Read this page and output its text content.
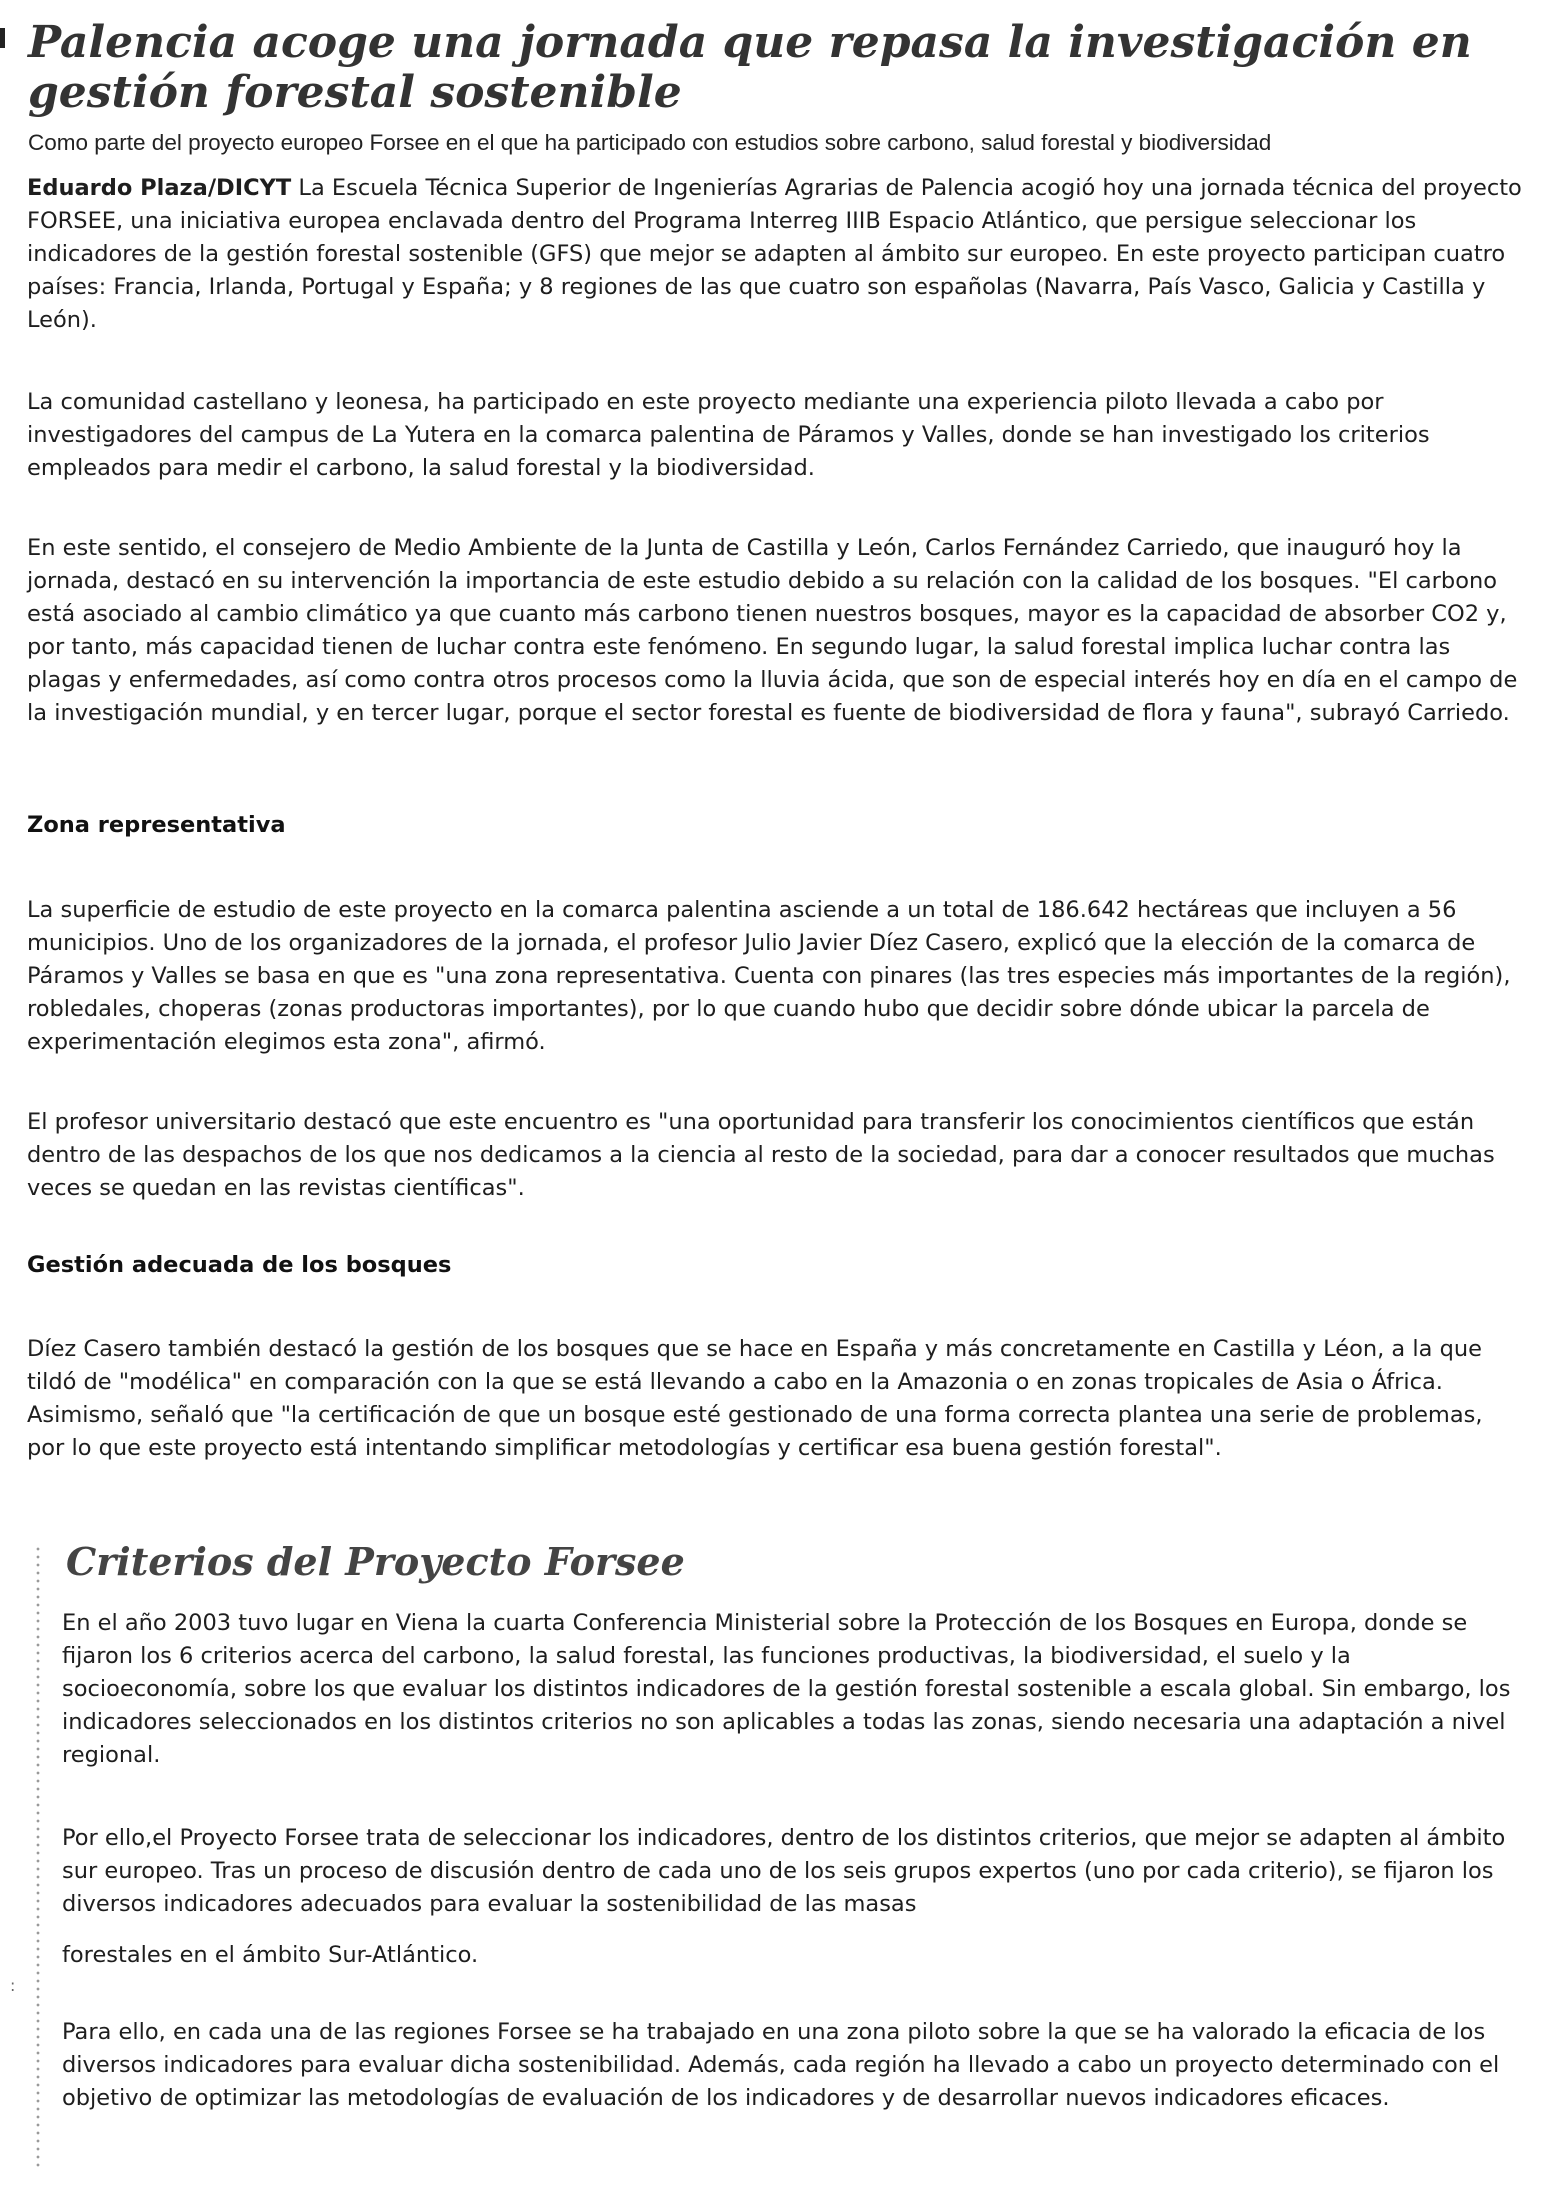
Palencia acoge una jornada que repasa la investigación en gestión forestal sostenible

Como parte del proyecto europeo Forsee en el que ha participado con estudios sobre carbono, salud forestal y biodiversidad

Eduardo Plaza/DICYT La Escuela Técnica Superior de Ingenierías Agrarias de Palencia acogió hoy una jornada técnica del proyecto FORSEE, una iniciativa europea enclavada dentro del Programa Interreg IIIB Espacio Atlántico, que persigue seleccionar los indicadores de la gestión forestal sostenible (GFS) que mejor se adapten al ámbito sur europeo. En este proyecto participan cuatro países: Francia, Irlanda, Portugal y España; y 8 regiones de las que cuatro son españolas (Navarra, País Vasco, Galicia y Castilla y León).

La comunidad castellano y leonesa, ha participado en este proyecto mediante una experiencia piloto llevada a cabo por investigadores del campus de La Yutera en la comarca palentina de Páramos y Valles, donde se han investigado los criterios empleados para medir el carbono, la salud forestal y la biodiversidad.

En este sentido, el consejero de Medio Ambiente de la Junta de Castilla y León, Carlos Fernández Carriedo, que inauguró hoy la jornada, destacó en su intervención la importancia de este estudio debido a su relación con la calidad de los bosques. "El carbono está asociado al cambio climático ya que cuanto más carbono tienen nuestros bosques, mayor es la capacidad de absorber CO2 y, por tanto, más capacidad tienen de luchar contra este fenómeno. En segundo lugar, la salud forestal implica luchar contra las plagas y enfermedades, así como contra otros procesos como la lluvia ácida, que son de especial interés hoy en día en el campo de la investigación mundial, y en tercer lugar, porque el sector forestal es fuente de biodiversidad de flora y fauna", subrayó Carriedo.

Zona representativa

La superficie de estudio de este proyecto en la comarca palentina asciende a un total de 186.642 hectáreas que incluyen a 56 municipios. Uno de los organizadores de la jornada, el profesor Julio Javier Díez Casero, explicó que la elección de la comarca de Páramos y Valles se basa en que es "una zona representativa. Cuenta con pinares (las tres especies más importantes de la región), robledales, choperas (zonas productoras importantes), por lo que cuando hubo que decidir sobre dónde ubicar la parcela de experimentación elegimos esta zona", afirmó.

El profesor universitario destacó que este encuentro es "una oportunidad para transferir los conocimientos científicos que están dentro de las despachos de los que nos dedicamos a la ciencia al resto de la sociedad, para dar a conocer resultados que muchas veces se quedan en las revistas científicas".

Gestión adecuada de los bosques

Díez Casero también destacó la gestión de los bosques que se hace en España y más concretamente en Castilla y Léon, a la que tildó de "modélica" en comparación con la que se está llevando a cabo en la Amazonia o en zonas tropicales de Asia o África. Asimismo, señaló que "la certificación de que un bosque esté gestionado de una forma correcta plantea una serie de problemas, por lo que este proyecto está intentando simplificar metodologías y certificar esa buena gestión forestal".

Criterios del Proyecto Forsee

En el año 2003 tuvo lugar en Viena la cuarta Conferencia Ministerial sobre la Protección de los Bosques en Europa, donde se fijaron los 6 criterios acerca del carbono, la salud forestal, las funciones productivas, la biodiversidad, el suelo y la socioeconomía, sobre los que evaluar los distintos indicadores de la gestión forestal sostenible a escala global. Sin embargo, los indicadores seleccionados en los distintos criterios no son aplicables a todas las zonas, siendo necesaria una adaptación a nivel regional.

Por ello,el Proyecto Forsee trata de seleccionar los indicadores, dentro de los distintos criterios, que mejor se adapten al ámbito sur europeo. Tras un proceso de discusión dentro de cada uno de los seis grupos expertos (uno por cada criterio), se fijaron los diversos indicadores adecuados para evaluar la sostenibilidad de las masas
forestales en el ámbito Sur-Atlántico.

:

Para ello, en cada una de las regiones Forsee se ha trabajado en una zona piloto sobre la que se ha valorado la eficacia de los diversos indicadores para evaluar dicha sostenibilidad. Además, cada región ha llevado a cabo un proyecto determinado con el objetivo de optimizar las metodologías de evaluación de los indicadores y de desarrollar nuevos indicadores eficaces.
